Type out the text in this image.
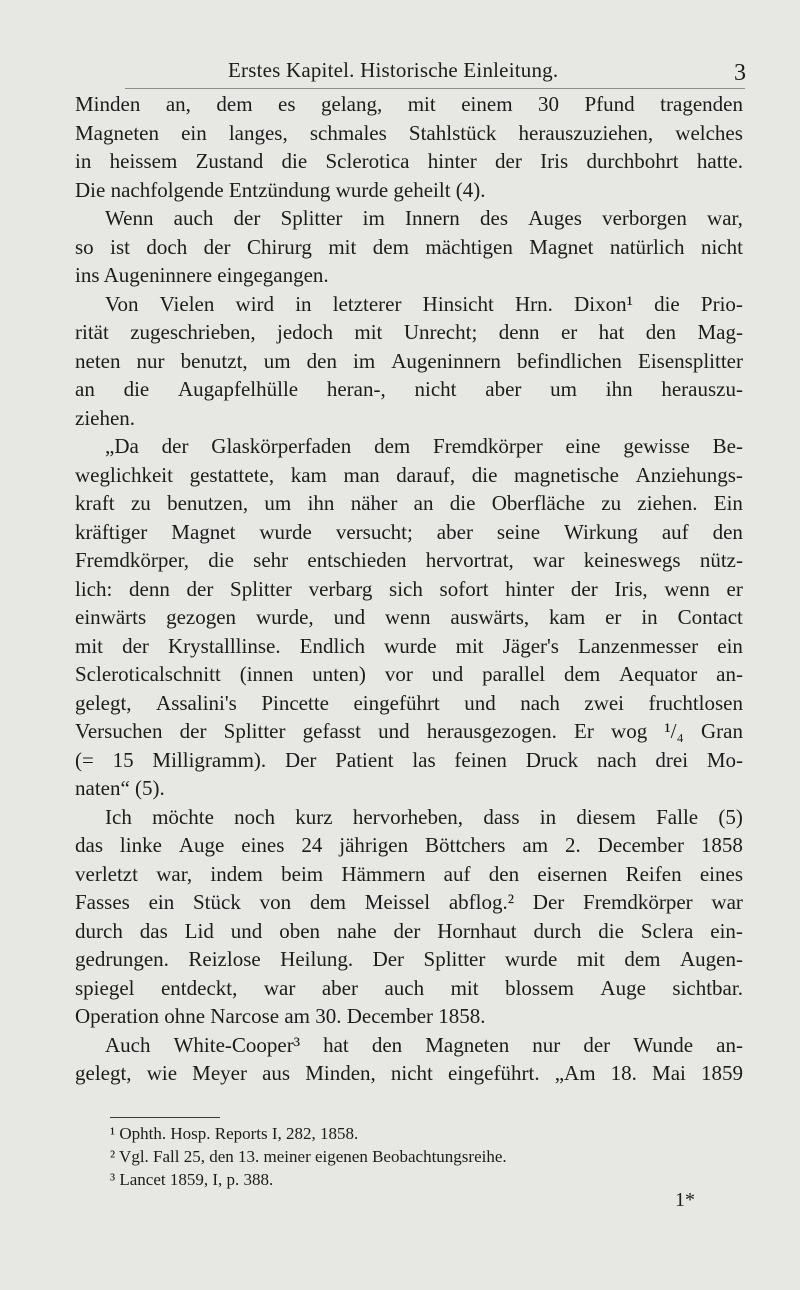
Erstes Kapitel. Historische Einleitung.	3
Minden an, dem es gelang, mit einem 30 Pfund tragenden
Magneten ein langes, schmales Stahlstück herauszuziehen, welches
in heissem Zustand die Sclerotica hinter der Iris durchbohrt hatte.
Die nachfolgende Entzündung wurde geheilt (4).
Wenn auch der Splitter im Innern des Auges verborgen war,
so ist doch der Chirurg mit dem mächtigen Magnet natürlich nicht
ins Augeninnere eingegangen.
Von Vielen wird in letzterer Hinsicht Hrn. Dixon¹ die Prio-
rität zugeschrieben, jedoch mit Unrecht; denn er hat den Mag-
neten nur benutzt, um den im Augeninnern befindlichen Eisensplitter
an die Augapfelhülle heran-, nicht aber um ihn herauszu-
ziehen.
„Da der Glaskörperfaden dem Fremdkörper eine gewisse Be-
weglichkeit gestattete, kam man darauf, die magnetische Anziehungs-
kraft zu benutzen, um ihn näher an die Oberfläche zu ziehen. Ein
kräftiger Magnet wurde versucht; aber seine Wirkung auf den
Fremdkörper, die sehr entschieden hervortrat, war keineswegs nütz-
lich: denn der Splitter verbarg sich sofort hinter der Iris, wenn er
einwärts gezogen wurde, und wenn auswärts, kam er in Contact
mit der Krystalllinse. Endlich wurde mit Jäger's Lanzenmesser ein
Scleroticalschnitt (innen unten) vor und parallel dem Aequator an-
gelegt, Assalini's Pincette eingeführt und nach zwei fruchtlosen
Versuchen der Splitter gefasst und herausgezogen. Er wog ¹/₄ Gran
(= 15 Milligramm). Der Patient las feinen Druck nach drei Mo-
naten“ (5).
Ich möchte noch kurz hervorheben, dass in diesem Falle (5)
das linke Auge eines 24 jährigen Böttchers am 2. December 1858
verletzt war, indem beim Hämmern auf den eisernen Reifen eines
Fasses ein Stück von dem Meissel abflog.² Der Fremdkörper war
durch das Lid und oben nahe der Hornhaut durch die Sclera ein-
gedrungen. Reizlose Heilung. Der Splitter wurde mit dem Augen-
spiegel entdeckt, war aber auch mit blossem Auge sichtbar.
Operation ohne Narcose am 30. December 1858.
Auch White-Cooper³ hat den Magneten nur der Wunde an-
gelegt, wie Meyer aus Minden, nicht eingeführt. „Am 18. Mai 1859
¹ Ophth. Hosp. Reports I, 282, 1858.
² Vgl. Fall 25, den 13. meiner eigenen Beobachtungsreihe.
³ Lancet 1859, I, p. 388.
1*
